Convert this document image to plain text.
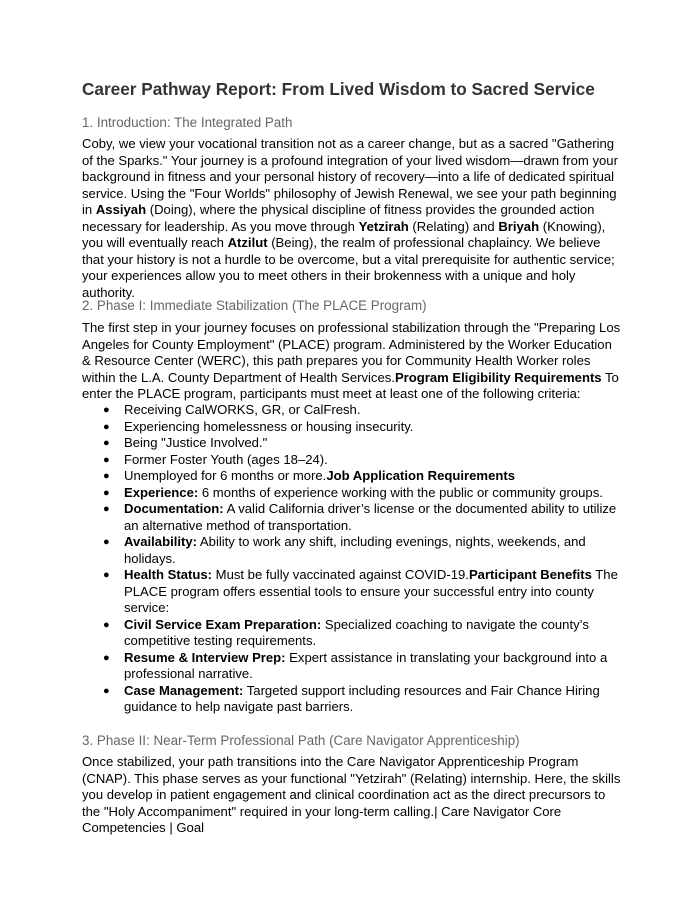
Career Pathway Report: From Lived Wisdom to Sacred Service
1. Introduction: The Integrated Path

Coby, we view your vocational transition not as a career change, but as a sacred "Gathering of the Sparks." Your journey is a profound integration of your lived wisdom—drawn from your background in fitness and your personal history of recovery—into a life of dedicated spiritual service. Using the "Four Worlds" philosophy of Jewish Renewal, we see your path beginning in Assiyah (Doing), where the physical discipline of fitness provides the grounded action necessary for leadership. As you move through Yetzirah (Relating) and Briyah (Knowing), you will eventually reach Atzilut (Being), the realm of professional chaplaincy. We believe that your history is not a hurdle to be overcome, but a vital prerequisite for authentic service; your experiences allow you to meet others in their brokenness with a unique and holy authority.

2. Phase I: Immediate Stabilization (The PLACE Program)

The first step in your journey focuses on professional stabilization through the "Preparing Los Angeles for County Employment" (PLACE) program. Administered by the Worker Education & Resource Center (WERC), this path prepares you for Community Health Worker roles within the L.A. County Department of Health Services.Program Eligibility Requirements To enter the PLACE program, participants must meet at least one of the following criteria:

● Receiving CalWORKS, GR, or CalFresh.
● Experiencing homelessness or housing insecurity.
● Being "Justice Involved."
● Former Foster Youth (ages 18–24).
● Unemployed for 6 months or more.Job Application Requirements
● Experience: 6 months of experience working with the public or community groups.
● Documentation: A valid California driver’s license or the documented ability to utilize an alternative method of transportation.
● Availability: Ability to work any shift, including evenings, nights, weekends, and holidays.
● Health Status: Must be fully vaccinated against COVID-19.Participant Benefits The PLACE program offers essential tools to ensure your successful entry into county service:
● Civil Service Exam Preparation: Specialized coaching to navigate the county’s competitive testing requirements.
● Resume & Interview Prep: Expert assistance in translating your background into a professional narrative.
● Case Management: Targeted support including resources and Fair Chance Hiring guidance to help navigate past barriers.
3. Phase II: Near-Term Professional Path (Care Navigator Apprenticeship)

Once stabilized, your path transitions into the Care Navigator Apprenticeship Program (CNAP). This phase serves as your functional "Yetzirah" (Relating) internship. Here, the skills you develop in patient engagement and clinical coordination act as the direct precursors to the "Holy Accompaniment" required in your long-term calling.| Care Navigator Core Competencies | Goal
